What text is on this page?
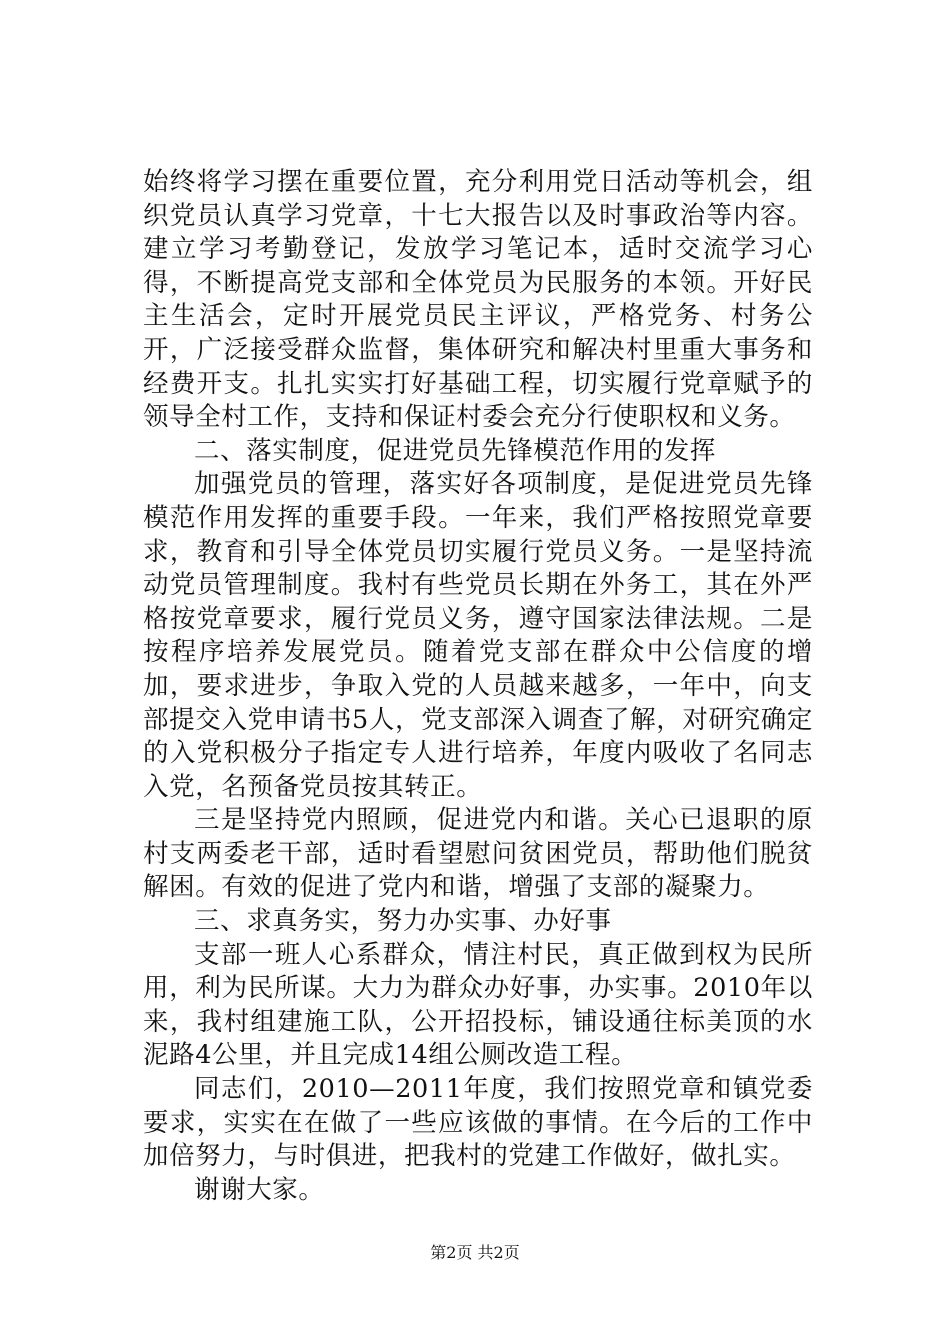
始终将学习摆在重要位置，充分利用党日活动等机会，组织党员认真学习党章，十七大报告以及时事政治等内容。建立学习考勤登记，发放学习笔记本，适时交流学习心得，不断提高党支部和全体党员为民服务的本领。开好民主生活会，定时开展党员民主评议，严格党务、村务公开，广泛接受群众监督，集体研究和解决村里重大事务和经费开支。扎扎实实打好基础工程，切实履行党章赋予的领导全村工作，支持和保证村委会充分行使职权和义务。

二、落实制度，促进党员先锋模范作用的发挥

加强党员的管理，落实好各项制度，是促进党员先锋模范作用发挥的重要手段。一年来，我们严格按照党章要求，教育和引导全体党员切实履行党员义务。一是坚持流动党员管理制度。我村有些党员长期在外务工，其在外严格按党章要求，履行党员义务，遵守国家法律法规。二是按程序培养发展党员。随着党支部在群众中公信度的增加，要求进步，争取入党的人员越来越多，一年中，向支部提交入党申请书5人，党支部深入调查了解，对研究确定的入党积极分子指定专人进行培养，年度内吸收了名同志入党，名预备党员按其转正。

三是坚持党内照顾，促进党内和谐。关心已退职的原村支两委老干部，适时看望慰问贫困党员，帮助他们脱贫解困。有效的促进了党内和谐，增强了支部的凝聚力。

三、求真务实，努力办实事、办好事

支部一班人心系群众，情注村民，真正做到权为民所用，利为民所谋。大力为群众办好事，办实事。2010年以来，我村组建施工队，公开招投标，铺设通往标美顶的水泥路4公里，并且完成14组公厕改造工程。

同志们，2010—2011年度，我们按照党章和镇党委要求，实实在在做了一些应该做的事情。在今后的工作中加倍努力，与时俱进，把我村的党建工作做好，做扎实。

谢谢大家。

第2页 共2页
